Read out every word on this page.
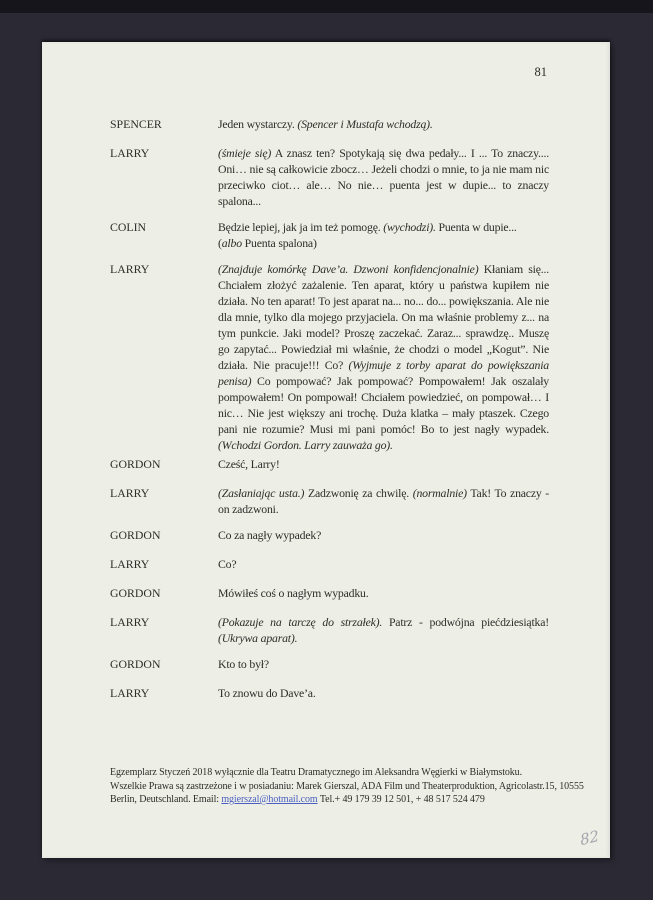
81
SPENCER	Jeden wystarczy. (Spencer i Mustafa wchodzą).
LARRY	(śmieje się) A znasz ten? Spotykają się dwa pedały... I ... To znaczy.... Oni… nie są całkowicie zbocz… Jeżeli chodzi o mnie, to ja nie mam nic przeciwko ciot… ale… No nie… puenta jest w dupie... to znaczy spalona...
COLIN	Będzie lepiej, jak ja im też pomogę. (wychodzi). Puenta w dupie...
(albo Puenta spalona)
LARRY	(Znajduje komórkę Dave’a. Dzwoni konfidencjonalnie) Kłaniam się... Chciałem złożyć zażalenie. Ten aparat, który u państwa kupiłem nie działa. No ten aparat! To jest aparat na... no... do... powiększania. Ale nie dla mnie, tylko dla mojego przyjaciela. On ma właśnie problemy z... na tym punkcie. Jaki model? Proszę zaczekać. Zaraz... sprawdzę.. Muszę go zapytać... Powiedział mi właśnie, że chodzi o model „Kogut”. Nie działa. Nie pracuje!!! Co? (Wyjmuje z torby aparat do powiększania penisa) Co pompować? Jak pompować? Pompowałem! Jak oszalały pompowałem! On pompował! Chciałem powiedzieć, on pompował… I nic… Nie jest większy ani trochę. Duża klatka – mały ptaszek. Czego pani nie rozumie? Musi mi pani pomóc! Bo to jest nagły wypadek. (Wchodzi Gordon. Larry zauważa go).
GORDON	Cześć, Larry!
LARRY	(Zasłaniając usta.) Zadzwonię za chwilę. (normalnie) Tak! To znaczy - on zadzwoni.
GORDON	Co za nagły wypadek?
LARRY	Co?
GORDON	Mówiłeś coś o nagłym wypadku.
LARRY	(Pokazuje na tarczę do strzałek). Patrz - podwójna piećdziesiątka! (Ukrywa aparat).
GORDON	Kto to był?
LARRY	To znowu do Dave’a.
Egzemplarz Styczeń 2018 wyłącznie dla Teatru Dramatycznego im Aleksandra Węgierki w Białymstoku.
Wszelkie Prawa są zastrzeżone i w posiadaniu: Marek Gierszal, ADA Film und Theaterproduktion, Agricolastr.15, 10555
Berlin, Deutschland. Email: mgierszal@hotmail.com Tel.+ 49 179 39 12 501, + 48 517 524 479
82
